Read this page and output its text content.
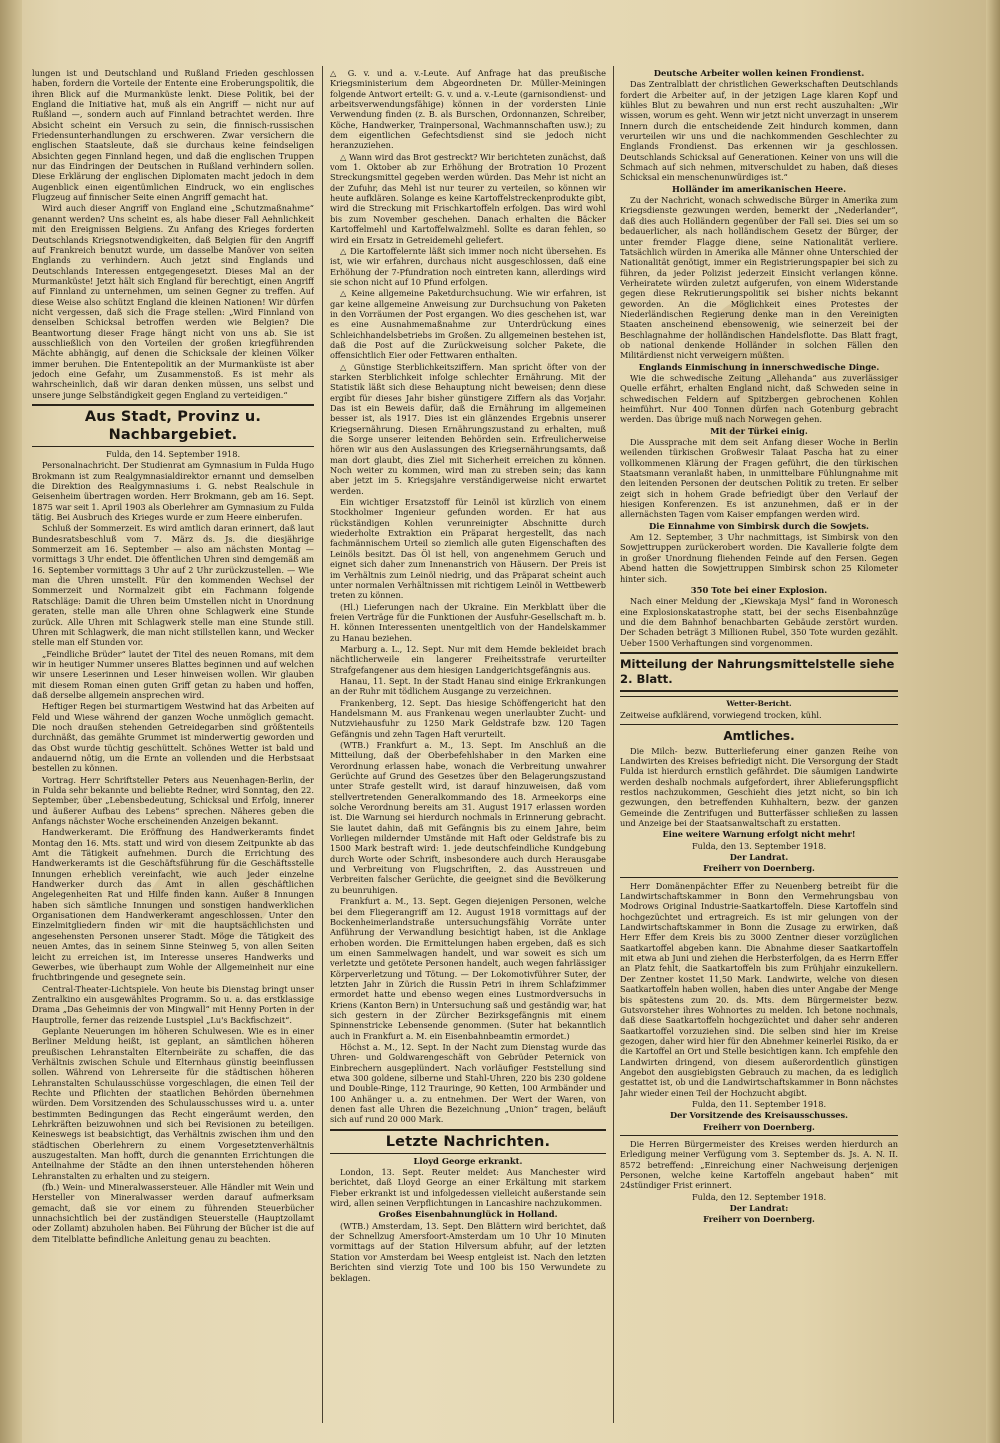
lungen ist und Deutschland und Rußland Frieden geschlossen haben, fordern die Vorteile der Entente eine Eroberungspolitik, die ihren Blick auf die Murmanküste lenkt. Diese Politik, bei der England die Initiative hat, muß als ein Angriff — nicht nur auf Rußland —, sondern auch auf Finnland betrachtet werden. Ihre Absicht scheint ein Versuch zu sein, die finnisch-russischen Friedensunterhandlungen zu erschweren. Zwar versichern die englischen Staatsleute, daß sie durchaus keine feindseligen Absichten gegen Finnland hegen, und daß die englischen Truppen nur das Eindringen der Deutschen in Rußland verhindern sollen. Diese Erklärung der englischen Diplomaten macht jedoch in dem Augenblick einen eigentümlichen Eindruck, wo ein englisches Flugzeug auf finnischer Seite einen Angriff gemacht hat.

Wird auch dieser Angriff von England eine „Schutzmaßnahme“ genannt werden? Uns scheint es, als habe dieser Fall Aehnlichkeit mit den Ereignissen Belgiens. Zu Anfang des Krieges forderten Deutschlands Kriegsnotwendigkeiten, daß Belgien für den Angriff auf Frankreich benutzt wurde, um dasselbe Manöver von seiten Englands zu verhindern. Auch jetzt sind Englands und Deutschlands Interessen entgegengesetzt. Dieses Mal an der Murmanküste! Jetzt hält sich England für berechtigt, einen Angriff auf Finnland zu unternehmen, um seinen Gegner zu treffen. Auf diese Weise also schützt England die kleinen Nationen! Wir dürfen nicht vergessen, daß sich die Frage stellen: „Wird Finnland von denselben Schicksal betroffen werden wie Belgien? Die Beantwortung dieser Frage hängt nicht von uns ab. Sie ist ausschließlich von den Vorteilen der großen kriegführenden Mächte abhängig, auf denen die Schicksale der kleinen Völker immer beruhen. Die Ententepolitik an der Murmanküste ist aber jedoch eine Gefahr, um Zusammenstoß. Es ist mehr als wahrscheinlich, daß wir daran denken müssen, uns selbst und unsere junge Selbständigkeit gegen England zu verteidigen.“

Aus Stadt, Provinz u. Nachbargebiet.

Fulda, den 14. September 1918.

Personalnachricht. Der Studienrat am Gymnasium in Fulda Hugo Brokmann ist zum Realgymnasialdirektor ernannt und demselben die Direktion des Realgymnasiums i. G. nebst Realschule in Geisenheim übertragen worden. Herr Brokmann, geb am 16. Sept. 1875 war seit 1. April 1903 als Oberlehrer am Gymnasium zu Fulda tätig. Bei Ausbruch des Krieges wurde er zum Heere einberufen.

Schluß der Sommerzeit. Es wird amtlich daran erinnert, daß laut Bundesratsbeschluß vom 7. März ds. Js. die diesjährige Sommerzeit am 16. September — also am nächsten Montag — vormittags 3 Uhr endet. Die öffentlichen Uhren sind demgemäß am 16. September vormittags 3 Uhr auf 2 Uhr zurückzustellen. — Wie man die Uhren umstellt. Für den kommenden Wechsel der Sommerzeit und Normalzeit gibt ein Fachmann folgende Ratschläge: Damit die Uhren beim Umstellen nicht in Unordnung geraten, stelle man alle Uhren ohne Schlagwerk eine Stunde zurück. Alle Uhren mit Schlagwerk stelle man eine Stunde still. Uhren mit Schlagwerk, die man nicht stillstellen kann, und Wecker stelle man elf Stunden vor.

„Feindliche Brüder“ lautet der Titel des neuen Romans, mit dem wir in heutiger Nummer unseres Blattes beginnen und auf welchen wir unsere Leserinnen und Leser hinweisen wollen. Wir glauben mit diesem Roman einen guten Griff getan zu haben und hoffen, daß derselbe allgemein ansprechen wird.

Heftiger Regen bei sturmartigem Westwind hat das Arbeiten auf Feld und Wiese während der ganzen Woche unmöglich gemacht. Die noch draußen stehenden Getreidegarben sind größtenteils durchnäßt, das gemähte Grummet ist minderwertig geworden und das Obst wurde tüchtig geschüttelt. Schönes Wetter ist bald und andauernd nötig, um die Ernte an vollenden und die Herbstsaat bestellen zu können.

Vortrag. Herr Schriftsteller Peters aus Neuenhagen-Berlin, der in Fulda sehr bekannte und beliebte Redner, wird Sonntag, den 22. September, über „Lebensbedeutung, Schicksal und Erfolg, innerer und äußerer Aufbau des Lebens“ sprechen. Näheres geben die Anfangs nächster Woche erscheinenden Anzeigen bekannt.

Handwerkeramt. Die Eröffnung des Handwerkeramts findet Montag den 16. Mts. statt und wird von diesem Zeitpunkte ab das Amt die Tätigkeit aufnehmen. Durch die Errichtung des Handwerkeramts ist die Geschäftsführung für die Geschäftsstelle Innungen erheblich vereinfacht, wie auch jeder einzelne Handwerker durch das Amt in allen geschäftlichen Angelegenheiten Rat und Hilfe finden kann. Außer 8 Innungen haben sich sämtliche Innungen und sonstigen handwerklichen Organisationen dem Handwerkeramt angeschlossen. Unter den Einzelmitgliedern finden wir mit die hauptsächlichsten und angesehensten Personen unserer Stadt. Möge die Tätigkeit des neuen Amtes, das in seinem Sinne Steinweg 5, von allen Seiten leicht zu erreichen ist, im Interesse unseres Handwerks und Gewerbes, wie überhaupt zum Wohle der Allgemeinheit nur eine fruchtbringende und gesegnete sein.

Central-Theater-Lichtspiele. Von heute bis Dienstag bringt unser Zentralkino ein ausgewähltes Programm. So u. a. das erstklassige Drama „Das Geheimnis der von Mingwall“ mit Henny Porten in der Hauptrolle, ferner das reizende Lustspiel „Lu's Backfischzeit“.

Geplante Neuerungen im höheren Schulwesen. Wie es in einer Berliner Meldung heißt, ist geplant, an sämtlichen höheren preußischen Lehranstalten Elternbeiräte zu schaffen, die das Verhältnis zwischen Schule und Elternhaus günstig beeinflussen sollen. Während von Lehrerseite für die städtischen höheren Lehranstalten Schulausschüsse vorgeschlagen, die einen Teil der Rechte und Pflichten der staatlichen Behörden übernehmen würden. Dem Vorsitzenden des Schulausschusses wird u. a. unter bestimmten Bedingungen das Recht eingeräumt werden, den Lehrkräften beizuwohnen und sich bei Revisionen zu beteiligen. Keineswegs ist beabsichtigt, das Verhältnis zwischen ihm und den städtischen Oberlehrern zu einem Vorgesetztenverhältnis auszugestalten. Man hofft, durch die genannten Errichtungen die Anteilnahme der Städte an den ihnen unterstehenden höheren Lehranstalten zu erhalten und zu steigern.

(fb.) Wein- und Mineralwassersteuer. Alle Händler mit Wein und Hersteller von Mineralwasser werden darauf aufmerksam gemacht, daß sie vor einem zu führenden Steuerbücher unnachsichtlich bei der zuständigen Steuerstelle (Hauptzollamt oder Zollamt) abzuholen haben. Bei Führung der Bücher ist die auf dem Titelblatte befindliche Anleitung genau zu beachten.

△ G. v. und a. v.-Leute. Auf Anfrage hat das preußische Kriegsministerium dem Abgeordneten Dr. Müller-Meiningen folgende Antwort erteilt: G. v. und a. v.-Leute (garnisondienst- und arbeitsverwendungsfähige) können in der vordersten Linie Verwendung finden (z. B. als Burschen, Ordonnanzen, Schreiber, Köche, Handwerker, Trainpersonal, Wachmannschaften usw.); zu dem eigentlichen Gefechtsdienst sind sie jedoch nicht heranzuziehen.

△ Wann wird das Brot gestreckt? Wir berichteten zunächst, daß vom 1. Oktober ab zur Erhöhung der Brotration 10 Prozent Streckungsmittel gegeben werden würden. Das Mehr ist nicht an der Zufuhr, das Mehl ist nur teurer zu verteilen, so können wir heute aufklären. Solange es keine Kartoffelstreckenprodukte gibt, wird die Streckung mit Frischkartoffeln erfolgen. Das wird wohl bis zum November geschehen. Danach erhalten die Bäcker Kartoffelmehl und Kartoffelwalzmehl. Sollte es daran fehlen, so wird ein Ersatz in Getreidemehl geliefert.

△ Die Kartoffelernte läßt sich immer noch nicht übersehen. Es ist, wie wir erfahren, durchaus nicht ausgeschlossen, daß eine Erhöhung der 7-Pfundration noch eintreten kann, allerdings wird sie schon nicht auf 10 Pfund erfolgen.

△ Keine allgemeine Paketdurchsuchung. Wie wir erfahren, ist gar keine allgemeine Anweisung zur Durchsuchung von Paketen in den Vorräumen der Post ergangen. Wo dies geschehen ist, war es eine Ausnahmemaßnahme zur Unterdrückung eines Schleichhandelsbetriebs im Großen. Zu allgemeinen bestehen ist, daß die Post auf die Zurückweisung solcher Pakete, die offensichtlich Eier oder Fettwaren enthalten.

△ Günstige Sterblichkeitsziffern. Man spricht öfter von der starken Sterblichkeit infolge schlechter Ernährung. Mit der Statistik läßt sich diese Behauptung nicht beweisen; denn diese ergibt für dieses Jahr bisher günstigere Ziffern als das Vorjahr. Das ist ein Beweis dafür, daß die Ernährung im allgemeinen besser ist, als 1917. Dies ist ein glänzendes Ergebnis unserer Kriegsernährung. Diesen Ernährungszustand zu erhalten, muß die Sorge unserer leitenden Behörden sein. Erfreulicherweise hören wir aus den Auslassungen des Kriegsernährungsamts, daß man dort glaubt, dies Ziel mit Sicherheit erreichen zu können. Noch weiter zu kommen, wird man zu streben sein; das kann aber jetzt im 5. Kriegsjahre verständigerweise nicht erwartet werden.

Ein wichtiger Ersatzstoff für Leinöl ist kürzlich von einem Stockholmer Ingenieur gefunden worden. Er hat aus rückständigen Kohlen verunreinigter Abschnitte durch wiederholte Extraktion ein Präparat hergestellt, das nach fachmännischem Urteil so ziemlich alle guten Eigenschaften des Leinöls besitzt. Das Öl ist hell, von angenehmem Geruch und eignet sich daher zum Innenanstrich von Häusern. Der Preis ist im Verhältnis zum Leinöl niedrig, und das Präparat scheint auch unter normalen Verhältnissen mit richtigem Leinöl in Wettbewerb treten zu können.

(Hl.) Lieferungen nach der Ukraine. Ein Merkblatt über die freien Verträge für die Funktionen der Ausfuhr-Gesellschaft m. b. H. können Interessenten unentgeltlich von der Handelskammer zu Hanau beziehen.

Marburg a. L., 12. Sept. Nur mit dem Hemde bekleidet brach nächtlicherweile ein langerer Freiheitsstrafe verurteilter Strafgefangener aus dem hiesigen Landgerichtsgefängnis aus.

Hanau, 11. Sept. In der Stadt Hanau sind einige Erkrankungen an der Ruhr mit tödlichem Ausgange zu verzeichnen.

Frankenberg, 12. Sept. Das hiesige Schöffengericht hat den Handelsmann M. aus Frankenau wegen unerlaubter Zucht- und Nutzviehausfuhr zu 1250 Mark Geldstrafe bzw. 120 Tagen Gefängnis und zehn Tagen Haft verurteilt.

(WTB.) Frankfurt a. M., 13. Sept. Im Anschluß an die Mitteilung, daß der Oberbefehlshaber in den Marken eine Verordnung erlassen habe, wonach die Verbreitung unwahrer Gerüchte auf Grund des Gesetzes über den Belagerungszustand unter Strafe gestellt wird, ist darauf hinzuweisen, daß vom stellvertretenden Generalkommando des 18. Armeekorps eine solche Verordnung bereits am 31. August 1917 erlassen worden ist. Die Warnung sei hierdurch nochmals in Erinnerung gebracht. Sie lautet dahin, daß mit Gefängnis bis zu einem Jahre, beim Vorliegen mildernder Umstände mit Haft oder Geldstrafe bis zu 1500 Mark bestraft wird: 1. jede deutschfeindliche Kundgebung durch Worte oder Schrift, insbesondere auch durch Herausgabe und Verbreitung von Flugschriften, 2. das Ausstreuen und Verbreiten falscher Gerüchte, die geeignet sind die Bevölkerung zu beunruhigen.

Frankfurt a. M., 13. Sept. Gegen diejenigen Personen, welche bei dem Fliegerangriff am 12. August 1918 vormittags auf der Bockenheimerlandstraße untersuchungsfähig Vorräte unter Anführung der Verwandlung besichtigt haben, ist die Anklage erhoben worden. Die Ermittelungen haben ergeben, daß es sich um einen Sammelwagen handelt, und war soweit es sich um verletzte und getötete Personen handelt, auch wegen fahrlässiger Körperverletzung und Tötung. — Der Lokomotivführer Suter, der letzten Jahr in Zürich die Russin Petri in ihrem Schlafzimmer ermordet hatte und ebenso wegen eines Lustmordversuchs in Kriens (Kanton Bern) in Untersuchung saß und geständig war, hat sich gestern in der Zürcher Bezirksgefängnis mit einem Spinnenstricke Lebensende genommen. (Suter hat bekanntlich auch in Frankfurt a. M. ein Eisenbahnbeamtin ermordet.)

Höchst a. M., 12. Sept. In der Nacht zum Dienstag wurde das Uhren- und Goldwarengeschäft von Gebrüder Peternick von Einbrechern ausgeplündert. Nach vorläufiger Feststellung sind etwa 300 goldene, silberne und Stahl-Uhren, 220 bis 230 goldene und Double-Ringe, 112 Trauringe, 90 Ketten, 100 Armbänder und 100 Anhänger u. a. zu entnehmen. Der Wert der Waren, von denen fast alle Uhren die Bezeichnung „Union“ tragen, beläuft sich auf rund 20 000 Mark.

Letzte Nachrichten.

Lloyd George erkrankt.

London, 13. Sept. Reuter meldet: Aus Manchester wird berichtet, daß Lloyd George an einer Erkältung mit starkem Fieber erkrankt ist und infolgedessen vielleicht außerstande sein wird, allen seinen Verpflichtungen in Lancashire nachzukommen.

Großes Eisenbahnunglück in Holland.

(WTB.) Amsterdam, 13. Sept. Den Blättern wird berichtet, daß der Schnellzug Amersfoort-Amsterdam um 10 Uhr 10 Minuten vormittags auf der Station Hilversum abfuhr, auf der letzten Station vor Amsterdam bei Weesp entgleist ist. Nach den letzten Berichten sind vierzig Tote und 100 bis 150 Verwundete zu beklagen.

Deutsche Arbeiter wollen keinen Frondienst.

Das Zentralblatt der christlichen Gewerkschaften Deutschlands fordert die Arbeiter auf, in der jetzigen Lage klaren Kopf und kühles Blut zu bewahren und nun erst recht auszuhalten: „Wir wissen, worum es geht. Wenn wir jetzt nicht unverzagt in unserem Innern durch die entscheidende Zeit hindurch kommen, dann verurteilen wir uns und die nachkommenden Geschlechter zu Englands Frondienst. Das erkennen wir ja geschlossen. Deutschlands Schicksal auf Generationen. Keiner von uns will die Schmach auf sich nehmen, mitverschuldet zu haben, daß dieses Schicksal ein menschenunwürdiges ist.“

Holländer im amerikanischen Heere.

Zu der Nachricht, wonach schwedische Bürger in Amerika zum Kriegsdienste gezwungen werden, bemerkt der „Nederlander“, daß dies auch Holländern gegenüber der Fall sei. Dies sei um so bedauerlicher, als nach holländischem Gesetz der Bürger, der unter fremder Flagge diene, seine Nationalität verliere. Tatsächlich würden in Amerika alle Männer ohne Unterschied der Nationalität genötigt, immer ein Registrierungspapier bei sich zu führen, da jeder Polizist jederzeit Einsicht verlangen könne. Verheiratete würden zuletzt aufgerufen, von einem Widerstande gegen diese Rekrutierungspolitik sei bisher nichts bekannt geworden. An die Möglichkeit eines Protestes der Niederländischen Regierung denke man in den Vereinigten Staaten anscheinend ebensowenig, wie seinerzeit bei der Beschlagnahme der holländischen Handelsflotte. Das Blatt fragt, ob national denkende Holländer in solchen Fällen den Militärdienst nicht verweigern müßten.

Englands Einmischung in innerschwedische Dinge.

Wie die schwedische Zeitung „Allehanda“ aus zuverlässiger Quelle erfährt, erhalten England nicht, daß Schweden seine in schwedischen Feldern auf Spitzbergen gebrochenen Kohlen heimführt. Nur 400 Tonnen dürfen nach Gotenburg gebracht werden. Das übrige muß nach Norwegen gehen.

Mit der Türkei einig.

Die Aussprache mit dem seit Anfang dieser Woche in Berlin weilenden türkischen Großwesir Talaat Pascha hat zu einer vollkommenen Klärung der Fragen geführt, die den türkischen Staatsmann veranlaßt haben, in unmittelbare Fühlungnahme mit den leitenden Personen der deutschen Politik zu treten. Er selber zeigt sich in hohem Grade befriedigt über den Verlauf der hiesigen Konferenzen. Es ist anzunehmen, daß er in der allernächsten Tagen vom Kaiser empfangen werden wird.

Die Einnahme von Simbirsk durch die Sowjets.

Am 12. September, 3 Uhr nachmittags, ist Simbirsk von den Sowjettruppen zurückerobert worden. Die Kavallerie folgte dem in großer Unordnung fliehenden Feinde auf den Fersen. Gegen Abend hatten die Sowjettruppen Simbirsk schon 25 Kilometer hinter sich.

350 Tote bei einer Explosion.

Nach einer Meldung der „Kiewskaja Mysl“ fand in Woronesch eine Explosionskatastrophe statt, bei der sechs Eisenbahnzüge und die dem Bahnhof benachbarten Gebäude zerstört wurden. Der Schaden beträgt 3 Millionen Rubel, 350 Tote wurden gezählt. Ueber 1500 Verhaftungen sind vorgenommen.

Mitteilung der Nahrungsmittelstelle siehe 2. Blatt.

Wetter-Bericht.

Zeitweise aufklärend, vorwiegend trocken, kühl.

Amtliches.

Die Milch- bezw. Butterlieferung einer ganzen Reihe von Landwirten des Kreises befriedigt nicht. Die Versorgung der Stadt Fulda ist hierdurch ernstlich gefährdet. Die säumigen Landwirte werden deshalb nochmals aufgefordert, ihrer Ablieferungspflicht restlos nachzukommen, Geschieht dies jetzt nicht, so bin ich gezwungen, den betreffenden Kuhhaltern, bezw. der ganzen Gemeinde die Zentrifugen und Butterfässer schließen zu lassen und Anzeige bei der Staatsanwaltschaft zu erstatten.

Eine weitere Warnung erfolgt nicht mehr!

Fulda, den 13. September 1918.

Der Landrat.

Freiherr von Doernberg.

Herr Domänenpächter Effer zu Neuenberg betreibt für die Landwirtschaftskammer in Bonn den Vermehrungsbau von Modrows Original Industrie-Saatkartoffeln. Diese Kartoffeln sind hochgezüchtet und ertragreich. Es ist mir gelungen von der Landwirtschaftskammer in Bonn die Zusage zu erwirken, daß Herr Effer dem Kreis bis zu 3000 Zentner dieser vorzüglichen Saatkartoffel abgeben kann. Die Abnahme dieser Saatkartoffeln mit etwa ab Juni und ziehen die Herbsterfolgen, da es Herrn Effer an Platz fehlt, die Saatkartoffeln bis zum Frühjahr einzukellern. Der Zentner kostet 11,50 Mark. Landwirte, welche von diesen Saatkartoffeln haben wollen, haben dies unter Angabe der Menge bis spätestens zum 20. ds. Mts. dem Bürgermeister bezw. Gutsvorsteher ihres Wohnortes zu melden. Ich betone nochmals, daß diese Saatkartoffeln hochgezüchtet und daher sehr anderen Saatkartoffel vorzuziehen sind. Die selben sind hier im Kreise gezogen, daher wird hier für den Abnehmer keinerlei Risiko, da er die Kartoffel an Ort und Stelle besichtigen kann. Ich empfehle den Landwirten dringend, von diesem außerordentlich günstigen Angebot den ausgiebigsten Gebrauch zu machen, da es lediglich gestattet ist, ob und die Landwirtschaftskammer in Bonn nächstes Jahr wieder einen Teil der Hochzucht abgibt.

Fulda, den 11. September 1918.

Der Vorsitzende des Kreisausschusses.

Freiherr von Doernberg.

Die Herren Bürgermeister des Kreises werden hierdurch an Erledigung meiner Verfügung vom 3. September ds. Js. A. N. II. 8572 betreffend: „Einreichung einer Nachweisung derjenigen Personen, welche keine Kartoffeln angebaut haben“ mit 24stündiger Frist erinnert.

Fulda, den 12. September 1918.

Der Landrat:

Freiherr von Doernberg.
